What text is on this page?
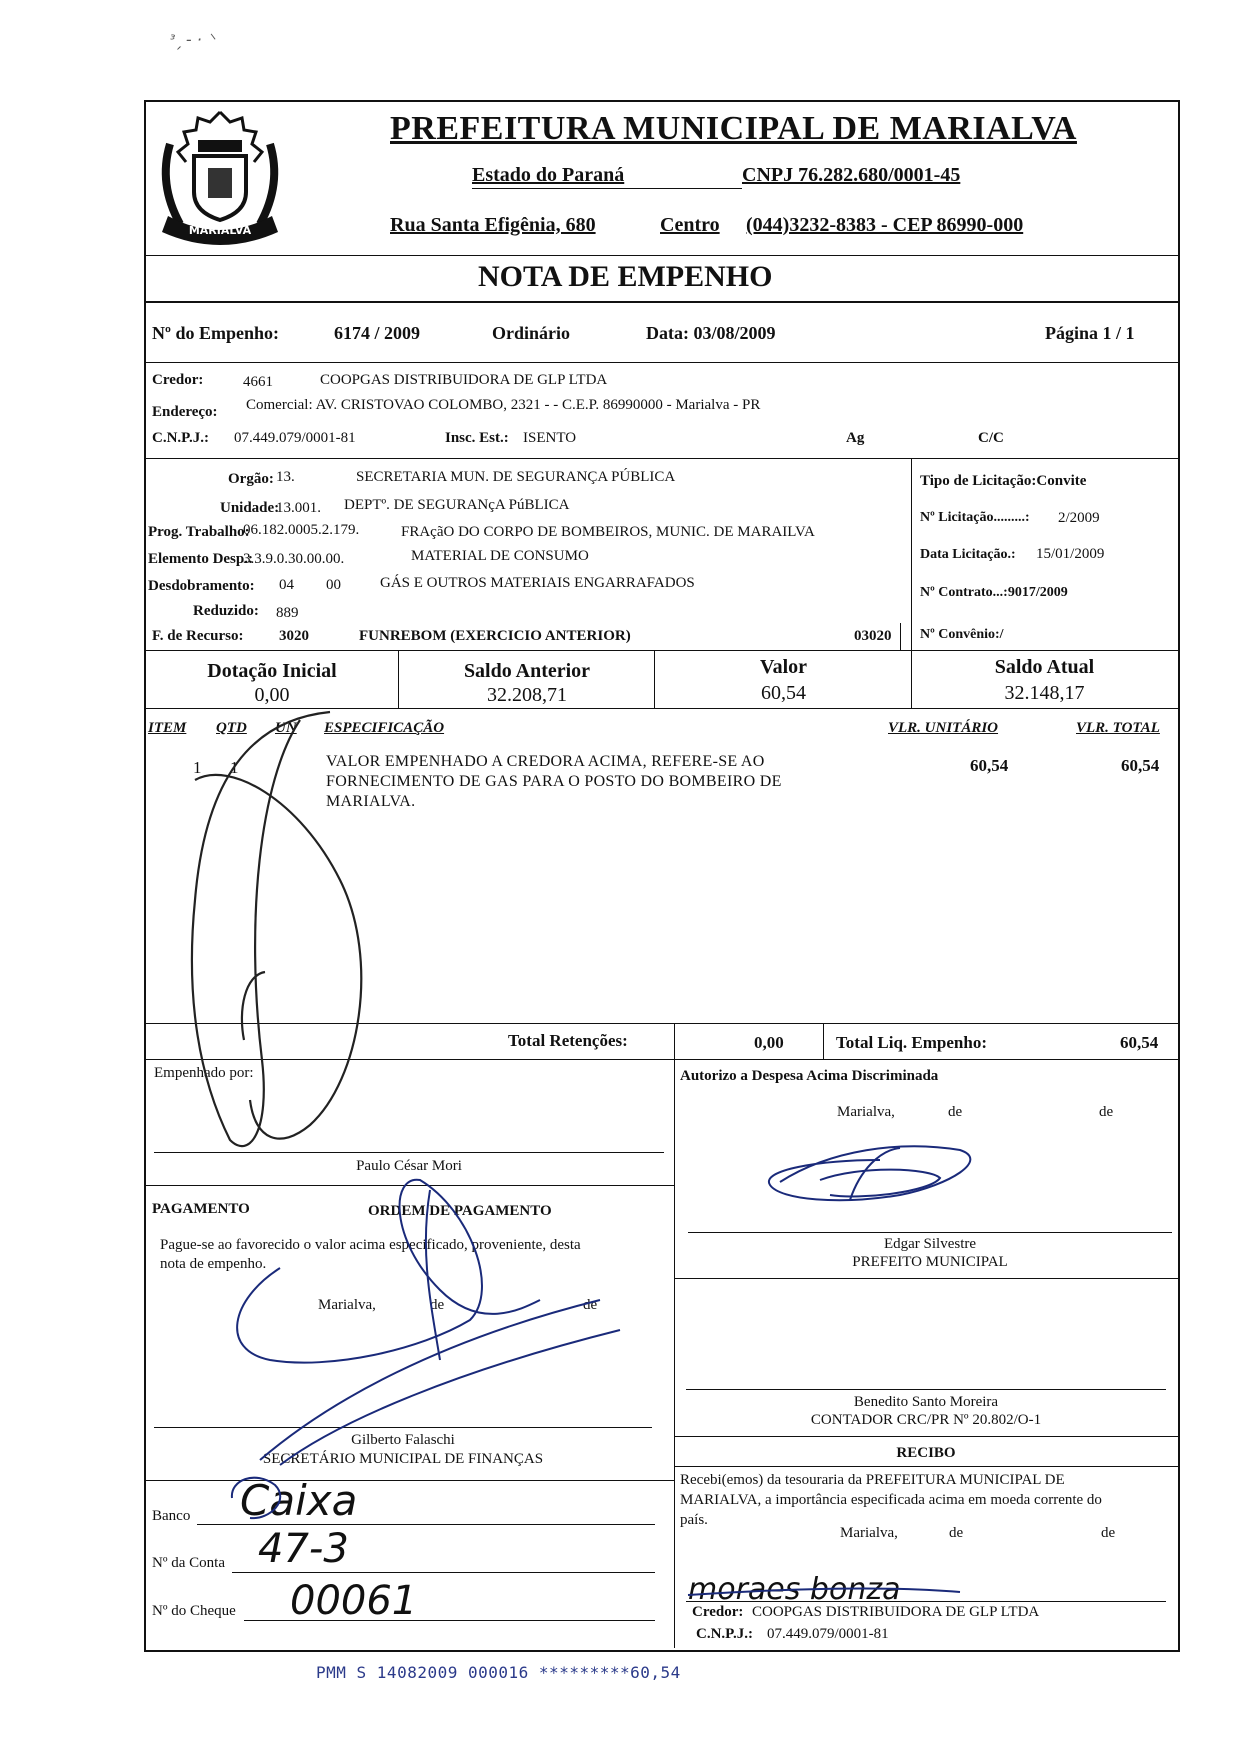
ᵌ ̗ ‑ · ⸌
MARIALVA
PREFEITURA MUNICIPAL DE MARIALVA
Estado do Paraná	CNPJ 76.282.680/0001-45
Rua Santa Efigênia, 680	Centro (044)3232-8383 - CEP 86990-000
NOTA DE EMPENHO
Nº do Empenho:	6174 / 2009	Ordinário	Data: 03/08/2009	Página 1 / 1
Credor:	4661	COOPGAS DISTRIBUIDORA DE GLP LTDA
Endereço: Comercial: AV. CRISTOVAO COLOMBO, 2321 - - C.E.P. 86990000 - Marialva - PR
C.N.P.J.: 07.449.079/0001-81	Insc. Est.: ISENTO	Ag	C/C
Orgão: 13.	SECRETARIA MUN. DE SEGURANÇA PÚBLICA
Unidade:
13.001. DEPTº. DE SEGURANçA PúBLICA
Prog. Trabalho:
06.182.0005.2.179.	FRAçãO DO CORPO DE BOMBEIROS, MUNIC. DE MARAILVA
Elemento Desp.:
3.3.9.0.30.00.00.	MATERIAL DE CONSUMO
Desdobramento: 04 00	GÁS E OUTROS MATERIAIS ENGARRAFADOS
Reduzido: 889
F. de Recurso: 3020	FUNREBOM (EXERCICIO ANTERIOR)	03020
Tipo de Licitação:Convite
Nº Licitação.........: 2/2009
Data Licitação.: 15/01/2009
Nº Contrato...:9017/2009
Nº Convênio:/
Dotação Inicial
0,00
Saldo Anterior
32.208,71
Valor
60,54
Saldo Atual
32.148,17
ITEM QTD UN ESPECIFICAÇÃO	VLR. UNITÁRIO	VLR. TOTAL
1 1	VALOR EMPENHADO A CREDORA ACIMA, REFERE-SE AO
FORNECIMENTO DE GAS PARA O POSTO DO BOMBEIRO DE
MARIALVA.
60,54	60,54
Total Retenções:	0,00	Total Liq. Empenho:	60,54
Empenhado por:
Paulo César Mori
Autorizo a Despesa Acima Discriminada
Marialva,	de	de
Edgar Silvestre
PREFEITO MUNICIPAL
PAGAMENTO	ORDEM DE PAGAMENTO
Pague-se ao favorecido o valor acima especificado, proveniente, desta
nota de empenho.
Marialva,	de	de
Gilberto Falaschi
SECRETÁRIO MUNICIPAL DE FINANÇAS
Benedito Santo Moreira
CONTADOR CRC/PR Nº 20.802/O-1
Banco Caixa
Nº da Conta 47-3
Nº do Cheque 00061
RECIBO
Recebi(emos) da tesouraria da PREFEITURA MUNICIPAL DE
MARIALVA, a importância especificada acima em moeda corrente do
país.
Marialva,	de	de
moraes bonza
Credor: COOPGAS DISTRIBUIDORA DE GLP LTDA
C.N.P.J.: 07.449.079/0001-81
PMM S 14082009 000016 *********60,54
